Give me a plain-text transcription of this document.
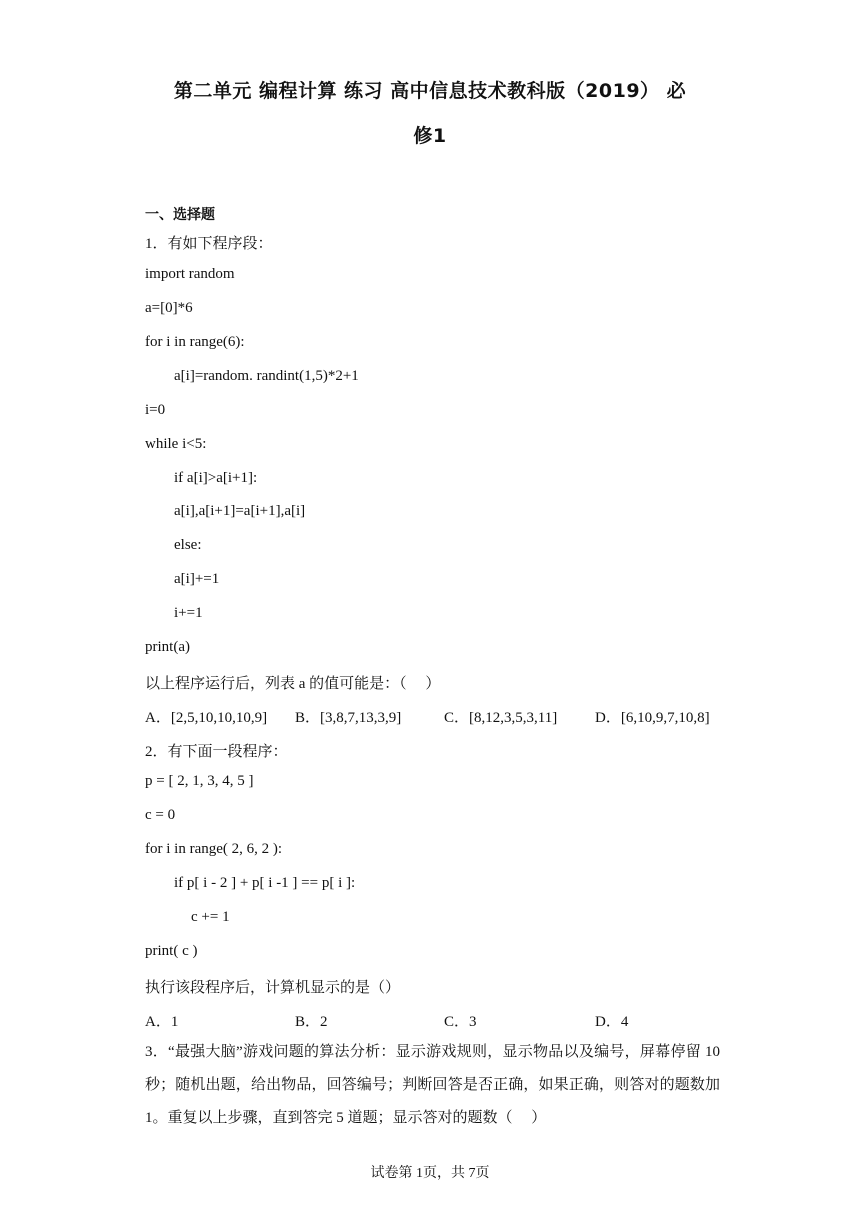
第二单元 编程计算 练习 高中信息技术教科版（2019） 必
修1
一、选择题
1．有如下程序段：
import random
a=[0]*6
for i in range(6):
a[i]=random. randint(1,5)*2+1
i=0
while i<5:
if a[i]>a[i+1]:
a[i],a[i+1]=a[i+1],a[i]
else:
a[i]+=1
i+=1
print(a)
以上程序运行后，列表 a 的值可能是：（　 ）
A．[2,5,10,10,10,9] B．[3,8,7,13,3,9]	C．[8,12,3,5,3,11]	D．[6,10,9,7,10,8]
2．有下面一段程序：
p = [ 2, 1, 3, 4, 5 ]
c = 0
for i in range( 2, 6, 2 ):
if p[ i - 2 ] + p[ i -1 ] == p[ i ]:
c += 1
print( c )
执行该段程序后，计算机显示的是（）
A．1	B．2	C．3	D．4
3．“最强大脑”游戏问题的算法分析：显示游戏规则，显示物品以及编号，屏幕停留 10 秒；随机出题，给出物品，回答编号；判断回答是否正确，如果正确，则答对的题数加 1。重复以上步骤，直到答完 5 道题；显示答对的题数（　 ）
试卷第 1页，共 7页
